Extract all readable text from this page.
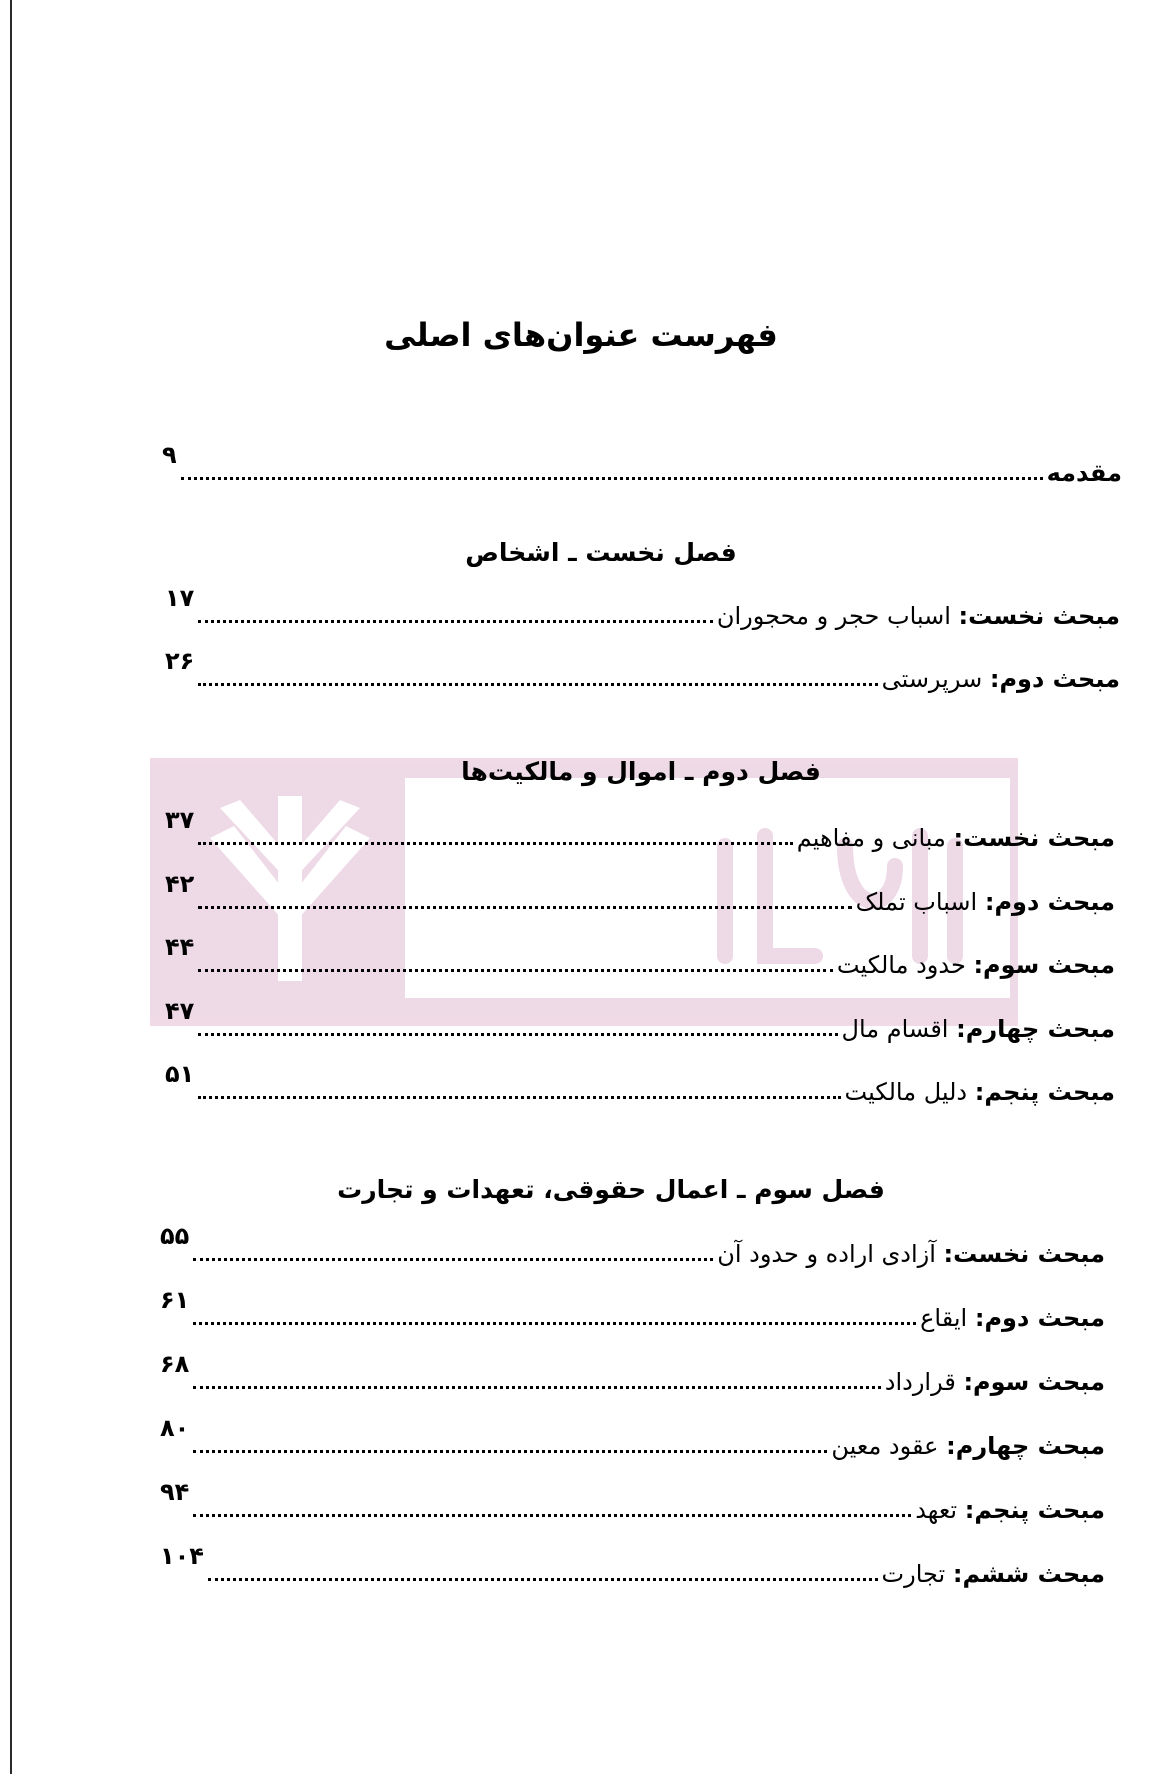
فهرست عنوان‌های اصلی
مقدمه
۹
فصل نخست ـ اشخاص
مبحث نخست: اسباب حجر و محجوران
۱۷
مبحث دوم: سرپرستی
۲۶
فصل دوم ـ اموال و مالکیت‌ها
مبحث نخست: مبانی و مفاهیم
۳۷
مبحث دوم: اسباب تملک
۴۲
مبحث سوم: حدود مالکیت
۴۴
مبحث چهارم: اقسام مال
۴۷
مبحث پنجم: دلیل مالکیت
۵۱
فصل سوم ـ اعمال حقوقی، تعهدات و تجارت
مبحث نخست: آزادی اراده و حدود آن
۵۵
مبحث دوم: ایقاع
۶۱
مبحث سوم: قرارداد
۶۸
مبحث چهارم: عقود معین
۸۰
مبحث پنجم: تعهد
۹۴
مبحث ششم: تجارت
۱۰۴
